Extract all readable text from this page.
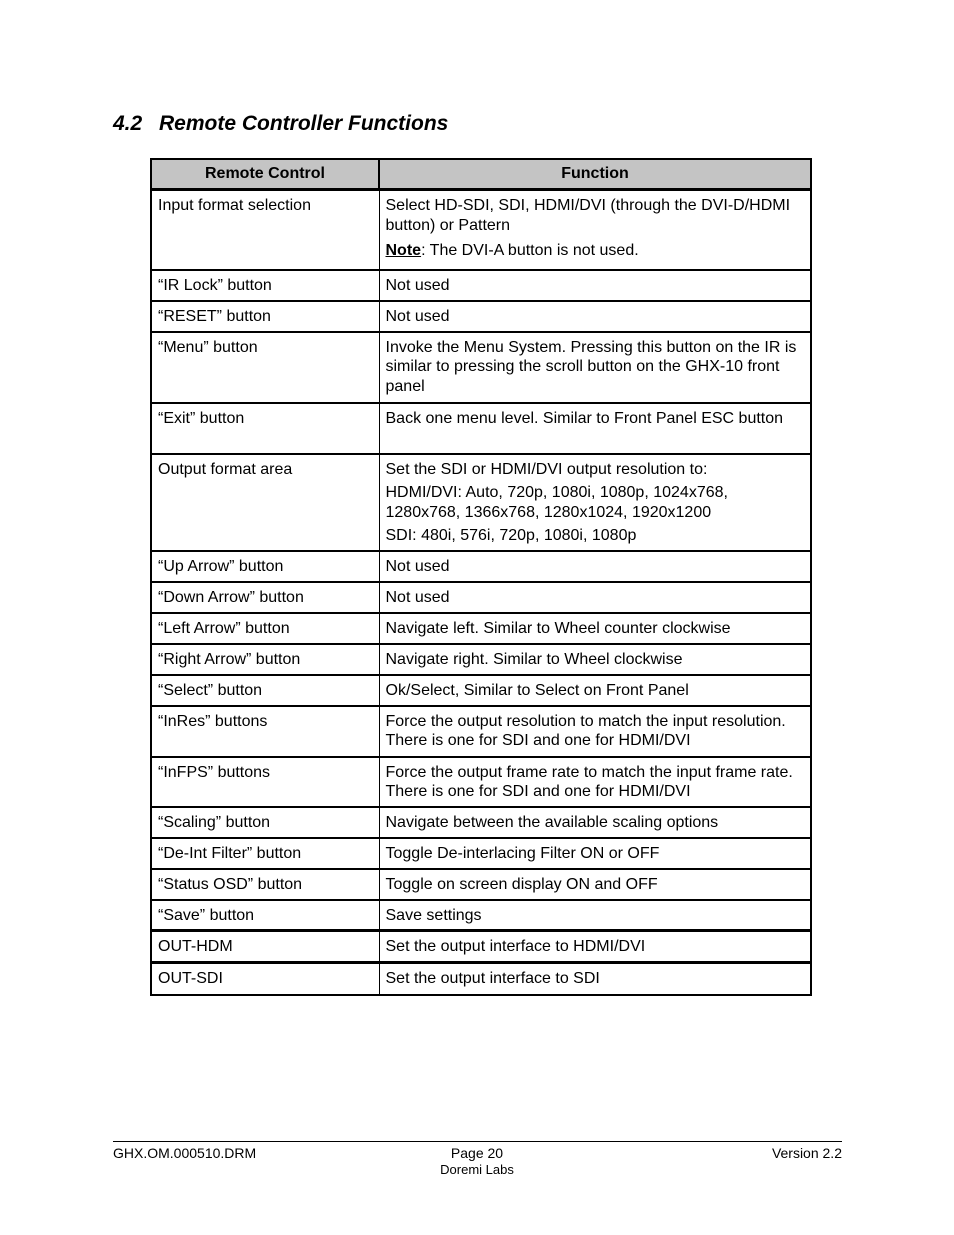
4.2 Remote Controller Functions
Remote Control	Function
Input format selection	Select HD-SDI, SDI, HDMI/DVI (through the DVI-D/HDMI button) or Pattern
Note: The DVI-A button is not used.

“IR Lock” button	Not used
“RESET” button	Not used
“Menu” button	Invoke the Menu System. Pressing this button on the IR is similar to pressing the scroll button on the GHX-10 front panel
“Exit” button	Back one menu level. Similar to Front Panel ESC button
Output format area	Set the SDI or HDMI/DVI output resolution to:
HDMI/DVI: Auto, 720p, 1080i, 1080p, 1024x768, 1280x768, 1366x768, 1280x1024, 1920x1200
SDI: 480i, 576i, 720p, 1080i, 1080p

“Up Arrow” button	Not used
“Down Arrow” button	Not used
“Left Arrow” button	Navigate left. Similar to Wheel counter clockwise
“Right Arrow” button	Navigate right. Similar to Wheel clockwise
“Select” button	Ok/Select, Similar to Select on Front Panel
“InRes” buttons	Force the output resolution to match the input resolution. There is one for SDI and one for HDMI/DVI
“InFPS” buttons	Force the output frame rate to match the input frame rate. There is one for SDI and one for HDMI/DVI
“Scaling” button	Navigate between the available scaling options
“De-Int Filter” button	Toggle De-interlacing Filter ON or OFF
“Status OSD” button	Toggle on screen display ON and OFF
“Save” button	Save settings
OUT-HDM	Set the output interface to HDMI/DVI
OUT-SDI	Set the output interface to SDI
GHX.OM.000510.DRM	Page 20
Doremi Labs
Version 2.2
